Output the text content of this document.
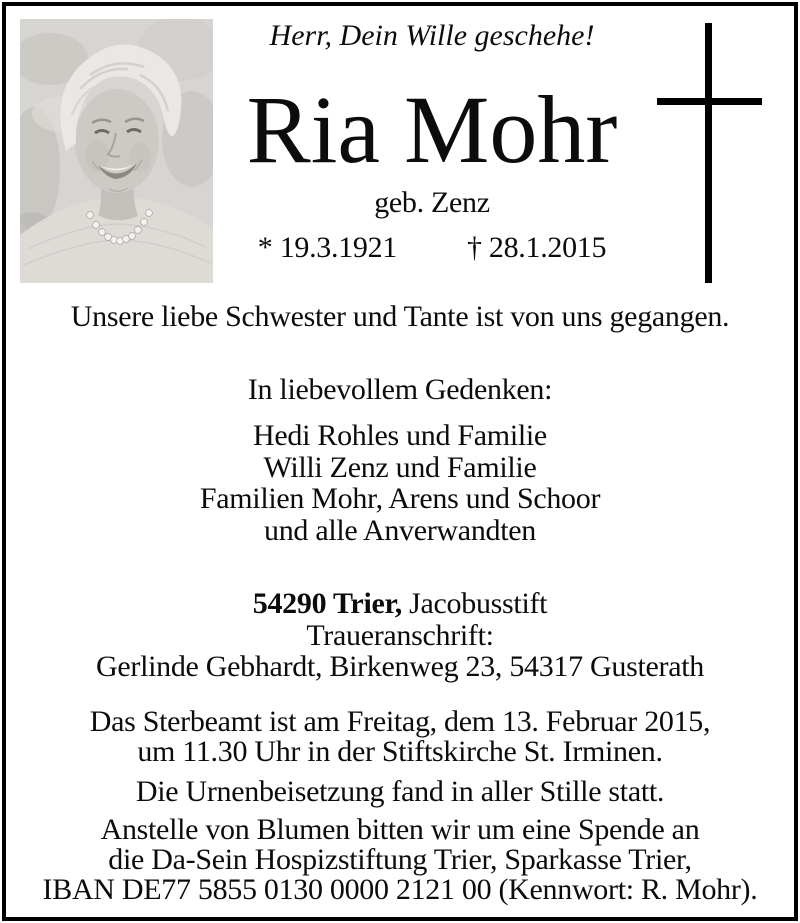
Herr, Dein Wille geschehe!
Ria Mohr
geb. Zenz
* 19.3.1921 † 28.1.2015
Unsere liebe Schwester und Tante ist von uns gegangen.
In liebevollem Gedenken:
Hedi Rohles und Familie
Willi Zenz und Familie
Familien Mohr, Arens und Schoor
und alle Anverwandten
54290 Trier, Jacobusstift
Traueranschrift:
Gerlinde Gebhardt, Birkenweg 23, 54317 Gusterath
Das Sterbeamt ist am Freitag, dem 13. Februar 2015,
um 11.30 Uhr in der Stiftskirche St. Irminen.
Die Urnenbeisetzung fand in aller Stille statt.
Anstelle von Blumen bitten wir um eine Spende an
die Da-Sein Hospizstiftung Trier, Sparkasse Trier,
IBAN DE77 5855 0130 0000 2121 00 (Kennwort: R. Mohr).
